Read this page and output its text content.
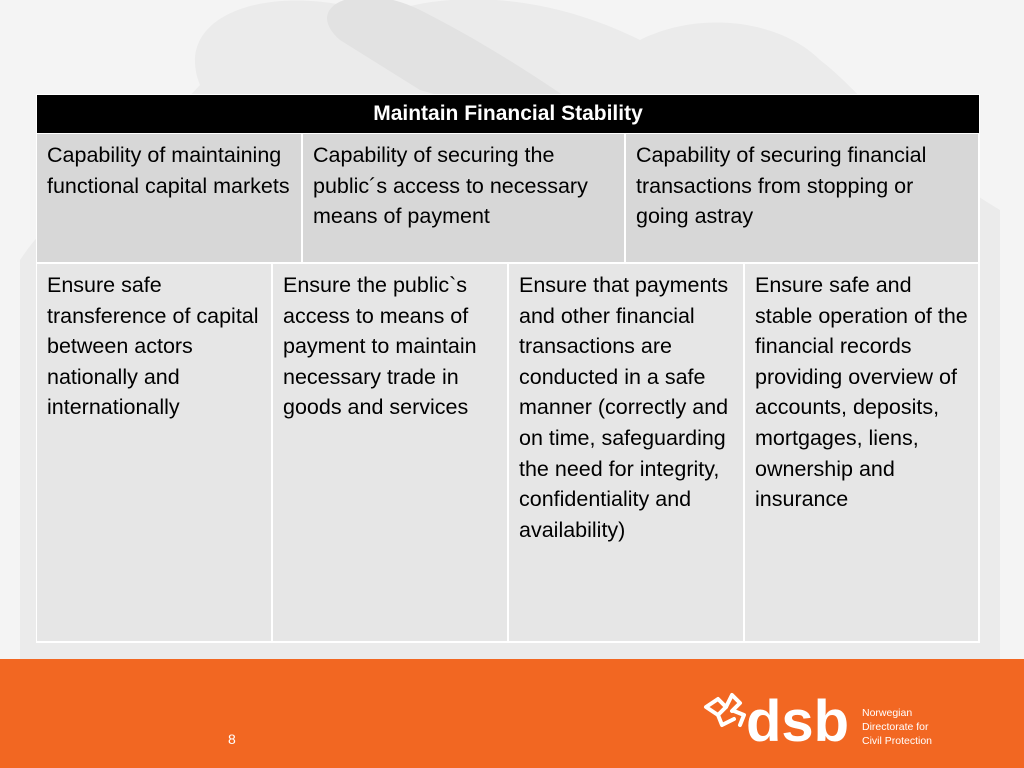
Maintain Financial Stability
Capability of maintaining functional capital markets
Capability of securing the public´s access to necessary means of payment
Capability of securing financial transactions from stopping or going astray
Ensure safe transference of capital between actors nationally and internationally
Ensure the public`s access to means of payment to maintain necessary trade in goods and services
Ensure that payments and other financial transactions are conducted in a safe manner (correctly and on time, safeguarding the need for integrity, confidentiality and availability)
Ensure safe and stable operation of the financial records providing overview of accounts, deposits, mortgages, liens, ownership and insurance
8	dsb Norwegian
Directorate for
Civil Protection
